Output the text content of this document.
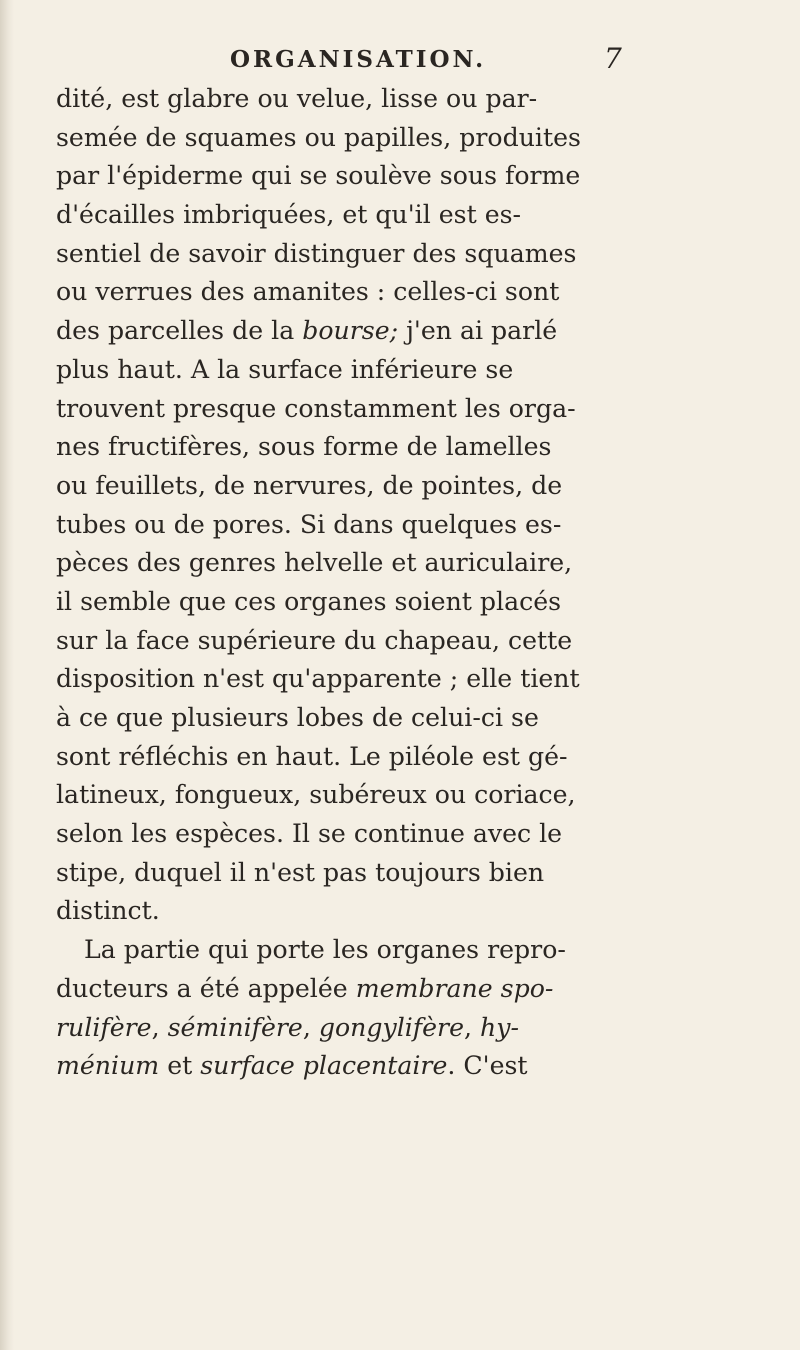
ORGANISATION.	7
dité, est glabre ou velue, lisse ou par-
semée de squames ou papilles, produites
par l'épiderme qui se soulève sous forme
d'écailles imbriquées, et qu'il est es-
sentiel de savoir distinguer des squames
ou verrues des amanites : celles-ci sont
des parcelles de la bourse; j'en ai parlé
plus haut. A la surface inférieure se
trouvent presque constamment les orga-
nes fructifères, sous forme de lamelles
ou feuillets, de nervures, de pointes, de
tubes ou de pores. Si dans quelques es-
pèces des genres helvelle et auriculaire,
il semble que ces organes soient placés
sur la face supérieure du chapeau, cette
disposition n'est qu'apparente ; elle tient
à ce que plusieurs lobes de celui-ci se
sont réfléchis en haut. Le piléole est gé-
latineux, fongueux, subéreux ou coriace,
selon les espèces. Il se continue avec le
stipe, duquel il n'est pas toujours bien
distinct.
La partie qui porte les organes repro-
ducteurs a été appelée membrane spo-
rulifère, séminifère, gongylifère, hy-
ménium et surface placentaire. C'est
